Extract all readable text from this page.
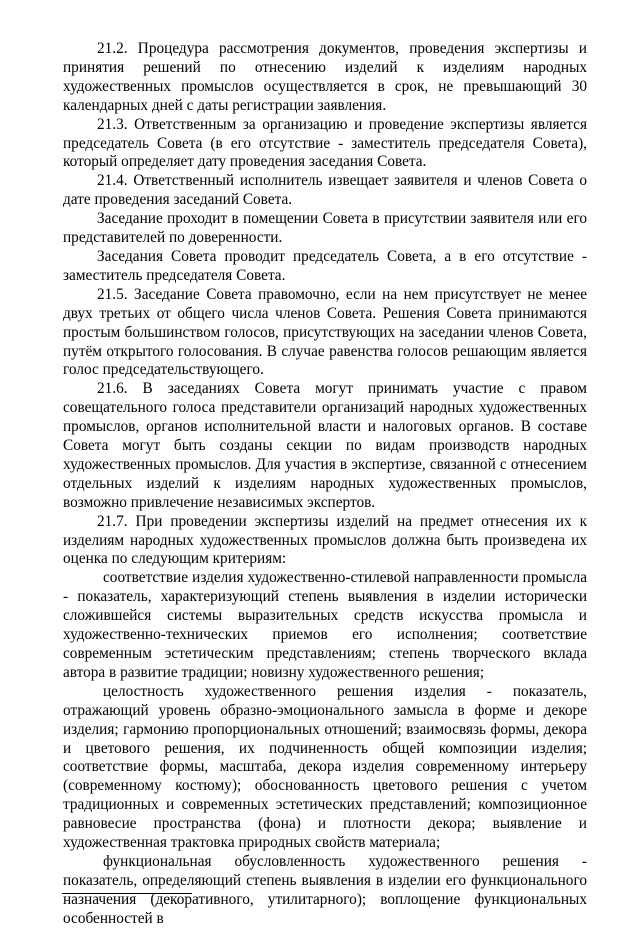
21.2. Процедура рассмотрения документов, проведения экспертизы и принятия решений по отнесению изделий к изделиям народных художественных промыслов осуществляется в срок, не превышающий 30 календарных дней с даты регистрации заявления.

21.3. Ответственным за организацию и проведение экспертизы является председатель Совета (в его отсутствие - заместитель председателя Совета), который определяет дату проведения заседания Совета.

21.4. Ответственный исполнитель извещает заявителя и членов Совета о дате проведения заседаний Совета.

Заседание проходит в помещении Совета в присутствии заявителя или его представителей по доверенности.

Заседания Совета проводит председатель Совета, а в его отсутствие - заместитель председателя Совета.

21.5. Заседание Совета правомочно, если на нем присутствует не менее двух третьих от общего числа членов Совета. Решения Совета принимаются простым большинством голосов, присутствующих на заседании членов Совета, путём открытого голосования. В случае равенства голосов решающим является голос председательствующего.

21.6. В заседаниях Совета могут принимать участие с правом совещательного голоса представители организаций народных художественных промыслов, органов исполнительной власти и налоговых органов. В составе Совета могут быть созданы секции по видам производств народных художественных промыслов. Для участия в экспертизе, связанной с отнесением отдельных изделий к изделиям народных художественных промыслов, возможно привлечение независимых экспертов.

21.7. При проведении экспертизы изделий на предмет отнесения их к изделиям народных художественных промыслов должна быть произведена их оценка по следующим критериям:

соответствие изделия художественно-стилевой направленности промысла - показатель, характеризующий степень выявления в изделии исторически сложившейся системы выразительных средств искусства промысла и художественно-технических приемов его исполнения; соответствие современным эстетическим представлениям; степень творческого вклада автора в развитие традиции; новизну художественного решения;

целостность художественного решения изделия - показатель, отражающий уровень образно-эмоционального замысла в форме и декоре изделия; гармонию пропорциональных отношений; взаимосвязь формы, декора и цветового решения, их подчиненность общей композиции изделия; соответствие формы, масштаба, декора изделия современному интерьеру (современному костюму); обоснованность цветового решения с учетом традиционных и современных эстетических представлений; композиционное равновесие пространства (фона) и плотности декора; выявление и художественная трактовка природных свойств материала;

функциональная обусловленность художественного решения - показатель, определяющий степень выявления в изделии его функционального назначения (декоративного, утилитарного); воплощение функциональных особенностей в
